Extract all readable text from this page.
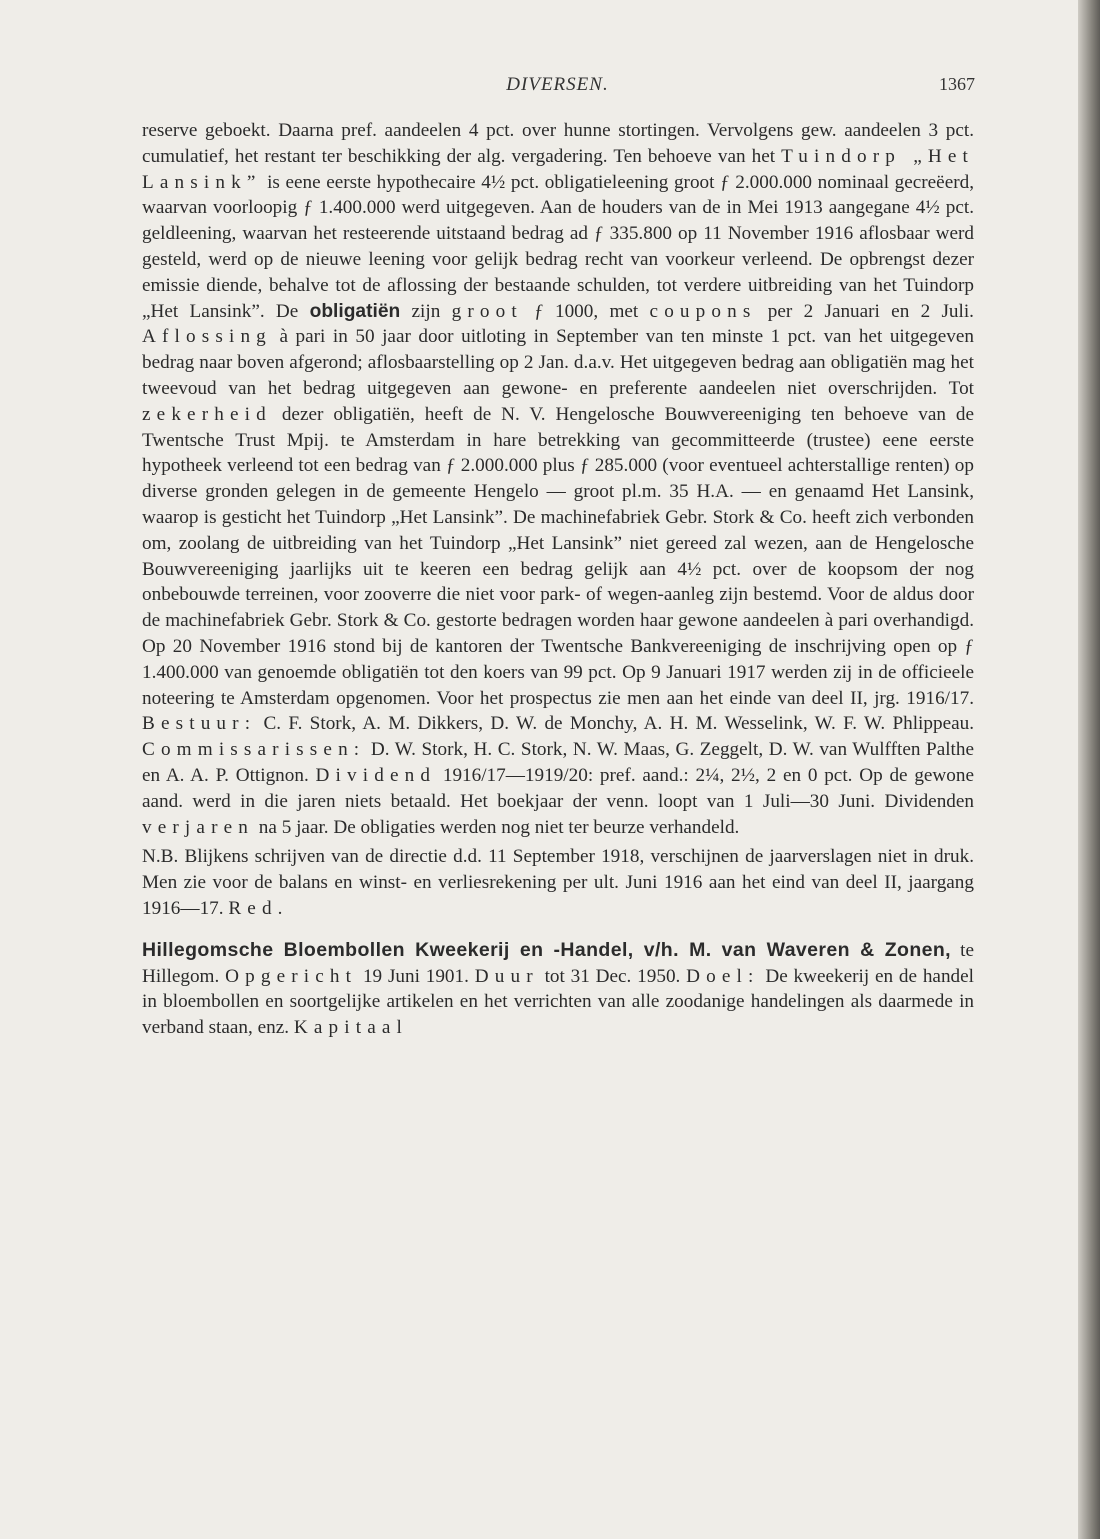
DIVERSEN.	1367

reserve geboekt. Daarna pref. aandeelen 4 pct. over hunne stortingen. Vervolgens gew. aandeelen 3 pct. cumulatief, het restant ter beschikking der alg. vergadering. Ten behoeve van het Tuindorp „Het Lansink” is eene eerste hypothecaire 4½ pct. obligatieleening groot ƒ 2.000.000 nominaal gecreëerd, waarvan voorloopig ƒ 1.400.000 werd uitgegeven. Aan de houders van de in Mei 1913 aangegane 4½ pct. geldleening, waarvan het resteerende uitstaand bedrag ad ƒ 335.800 op 11 November 1916 aflosbaar werd gesteld, werd op de nieuwe leening voor gelijk bedrag recht van voorkeur verleend. De opbrengst dezer emissie diende, behalve tot de aflossing der bestaande schulden, tot verdere uitbreiding van het Tuindorp „Het Lansink”. De obligatiën zijn groot ƒ 1000, met coupons per 2 Januari en 2 Juli. Aflossing à pari in 50 jaar door uitloting in September van ten minste 1 pct. van het uitgegeven bedrag naar boven afgerond; aflosbaarstelling op 2 Jan. d.a.v. Het uitgegeven bedrag aan obligatiën mag het tweevoud van het bedrag uitgegeven aan gewone- en preferente aandeelen niet overschrijden. Tot zekerheid dezer obligatiën, heeft de N. V. Hengelosche Bouwvereeniging ten behoeve van de Twentsche Trust Mpij. te Amsterdam in hare betrekking van gecommitteerde (trustee) eene eerste hypotheek verleend tot een bedrag van ƒ 2.000.000 plus ƒ 285.000 (voor eventueel achterstallige renten) op diverse gronden gelegen in de gemeente Hengelo — groot pl.m. 35 H.A. — en genaamd Het Lansink, waarop is gesticht het Tuindorp „Het Lansink”. De machinefabriek Gebr. Stork & Co. heeft zich verbonden om, zoolang de uitbreiding van het Tuindorp „Het Lansink” niet gereed zal wezen, aan de Hengelosche Bouwvereeniging jaarlijks uit te keeren een bedrag gelijk aan 4½ pct. over de koopsom der nog onbebouwde terreinen, voor zooverre die niet voor park- of wegen-aanleg zijn bestemd. Voor de aldus door de machinefabriek Gebr. Stork & Co. gestorte bedragen worden haar gewone aandeelen à pari overhandigd. Op 20 November 1916 stond bij de kantoren der Twentsche Bankvereeniging de inschrijving open op ƒ 1.400.000 van genoemde obligatiën tot den koers van 99 pct. Op 9 Januari 1917 werden zij in de officieele noteering te Amsterdam opgenomen. Voor het prospectus zie men aan het einde van deel II, jrg. 1916/17. Bestuur: C. F. Stork, A. M. Dikkers, D. W. de Monchy, A. H. M. Wesselink, W. F. W. Phlippeau. Commissarissen: D. W. Stork, H. C. Stork, N. W. Maas, G. Zeggelt, D. W. van Wulfften Palthe en A. A. P. Ottignon. Dividend 1916/17—1919/20: pref. aand.: 2¼, 2½, 2 en 0 pct. Op de gewone aand. werd in die jaren niets betaald. Het boekjaar der venn. loopt van 1 Juli—30 Juni. Dividenden verjaren na 5 jaar. De obligaties werden nog niet ter beurze verhandeld.

N.B. Blijkens schrijven van de directie d.d. 11 September 1918, verschijnen de jaarverslagen niet in druk. Men zie voor de balans en winst- en verliesrekening per ult. Juni 1916 aan het eind van deel II, jaargang 1916—17. Red.

Hillegomsche Bloembollen Kweekerij en -Handel, v/h. M. van Waveren & Zonen, te Hillegom. Opgericht 19 Juni 1901. Duur tot 31 Dec. 1950. Doel: De kweekerij en de handel in bloembollen en soortgelijke artikelen en het verrichten van alle zoodanige handelingen als daarmede in verband staan, enz. Kapitaal
